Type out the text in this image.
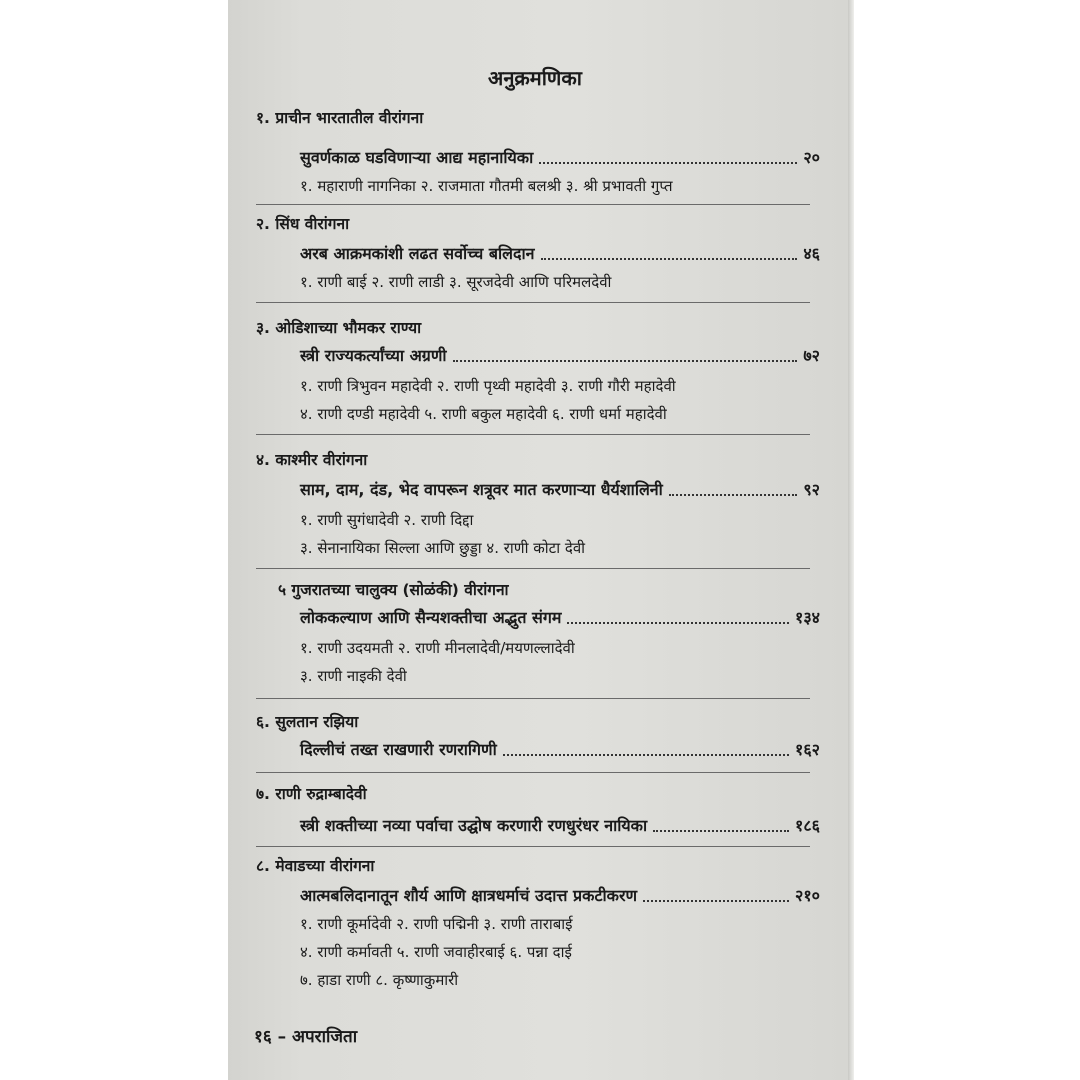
अनुक्रमणिका
१. प्राचीन भारतातील वीरांगना
सुवर्णकाळ घडविणाऱ्या आद्य महानायिका	२०
१. महाराणी नागनिका २. राजमाता गौतमी बलश्री ३. श्री प्रभावती गुप्त
२. सिंध वीरांगना
अरब आक्रमकांशी लढत सर्वोच्च बलिदान	४६
१. राणी बाई २. राणी लाडी ३. सूरजदेवी आणि परिमलदेवी
३. ओडिशाच्या भौमकर राण्या
स्त्री राज्यकर्त्यांच्या अग्रणी	७२
१. राणी त्रिभुवन महादेवी २. राणी पृथ्वी महादेवी ३. राणी गौरी महादेवी
४. राणी दण्डी महादेवी ५. राणी बकुल महादेवी ६. राणी धर्मा महादेवी
४. काश्मीर वीरांगना
साम, दाम, दंड, भेद वापरून शत्रूवर मात करणाऱ्या धैर्यशालिनी	९२
१. राणी सुगंधादेवी २. राणी दिद्दा
३. सेनानायिका सिल्ला आणि छुड्डा ४. राणी कोटा देवी
५ गुजरातच्या चालुक्य (सोळंकी) वीरांगना
लोककल्याण आणि सैन्यशक्तीचा अद्भुत संगम	१३४
१. राणी उदयमती २. राणी मीनलादेवी/मयणल्लादेवी
३. राणी नाइकी देवी
६. सुलतान रझिया
दिल्लीचं तख्त राखणारी रणरागिणी	१६२
७. राणी रुद्राम्बादेवी
स्त्री शक्तीच्या नव्या पर्वाचा उद्घोष करणारी रणधुरंधर नायिका	१८६
८. मेवाडच्या वीरांगना
आत्मबलिदानातून शौर्य आणि क्षात्रधर्माचं उदात्त प्रकटीकरण	२१०
१. राणी कूर्मादेवी २. राणी पद्मिनी ३. राणी ताराबाई
४. राणी कर्मावती ५. राणी जवाहीरबाई ६. पन्ना दाई
७. हाडा राणी ८. कृष्णाकुमारी
१६ – अपराजिता
